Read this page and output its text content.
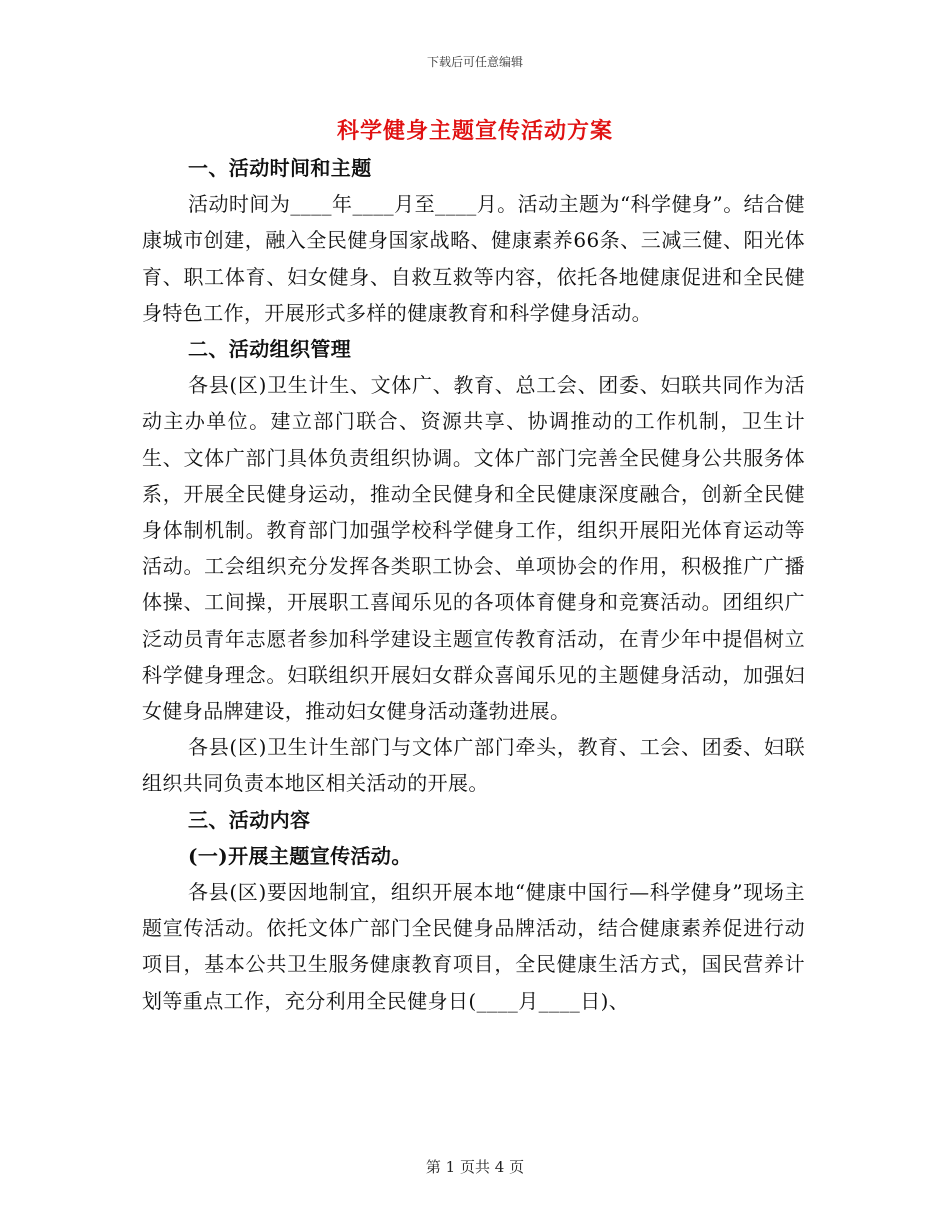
下载后可任意编辑
科学健身主题宣传活动方案

一、活动时间和主题

活动时间为____年____月至____月。活动主题为“科学健身”。结合健康城市创建，融入全民健身国家战略、健康素养66条、三减三健、阳光体育、职工体育、妇女健身、自救互救等内容，依托各地健康促进和全民健身特色工作，开展形式多样的健康教育和科学健身活动。

二、活动组织管理

各县(区)卫生计生、文体广、教育、总工会、团委、妇联共同作为活动主办单位。建立部门联合、资源共享、协调推动的工作机制，卫生计生、文体广部门具体负责组织协调。文体广部门完善全民健身公共服务体系，开展全民健身运动，推动全民健身和全民健康深度融合，创新全民健身体制机制。教育部门加强学校科学健身工作，组织开展阳光体育运动等活动。工会组织充分发挥各类职工协会、单项协会的作用，积极推广广播体操、工间操，开展职工喜闻乐见的各项体育健身和竞赛活动。团组织广泛动员青年志愿者参加科学建设主题宣传教育活动，在青少年中提倡树立科学健身理念。妇联组织开展妇女群众喜闻乐见的主题健身活动，加强妇女健身品牌建设，推动妇女健身活动蓬勃进展。

各县(区)卫生计生部门与文体广部门牵头，教育、工会、团委、妇联组织共同负责本地区相关活动的开展。

三、活动内容

(一)开展主题宣传活动。

各县(区)要因地制宜，组织开展本地“健康中国行—科学健身”现场主题宣传活动。依托文体广部门全民健身品牌活动，结合健康素养促进行动项目，基本公共卫生服务健康教育项目，全民健康生活方式，国民营养计划等重点工作，充分利用全民健身日(____月____日)、

第 1 页共 4 页
